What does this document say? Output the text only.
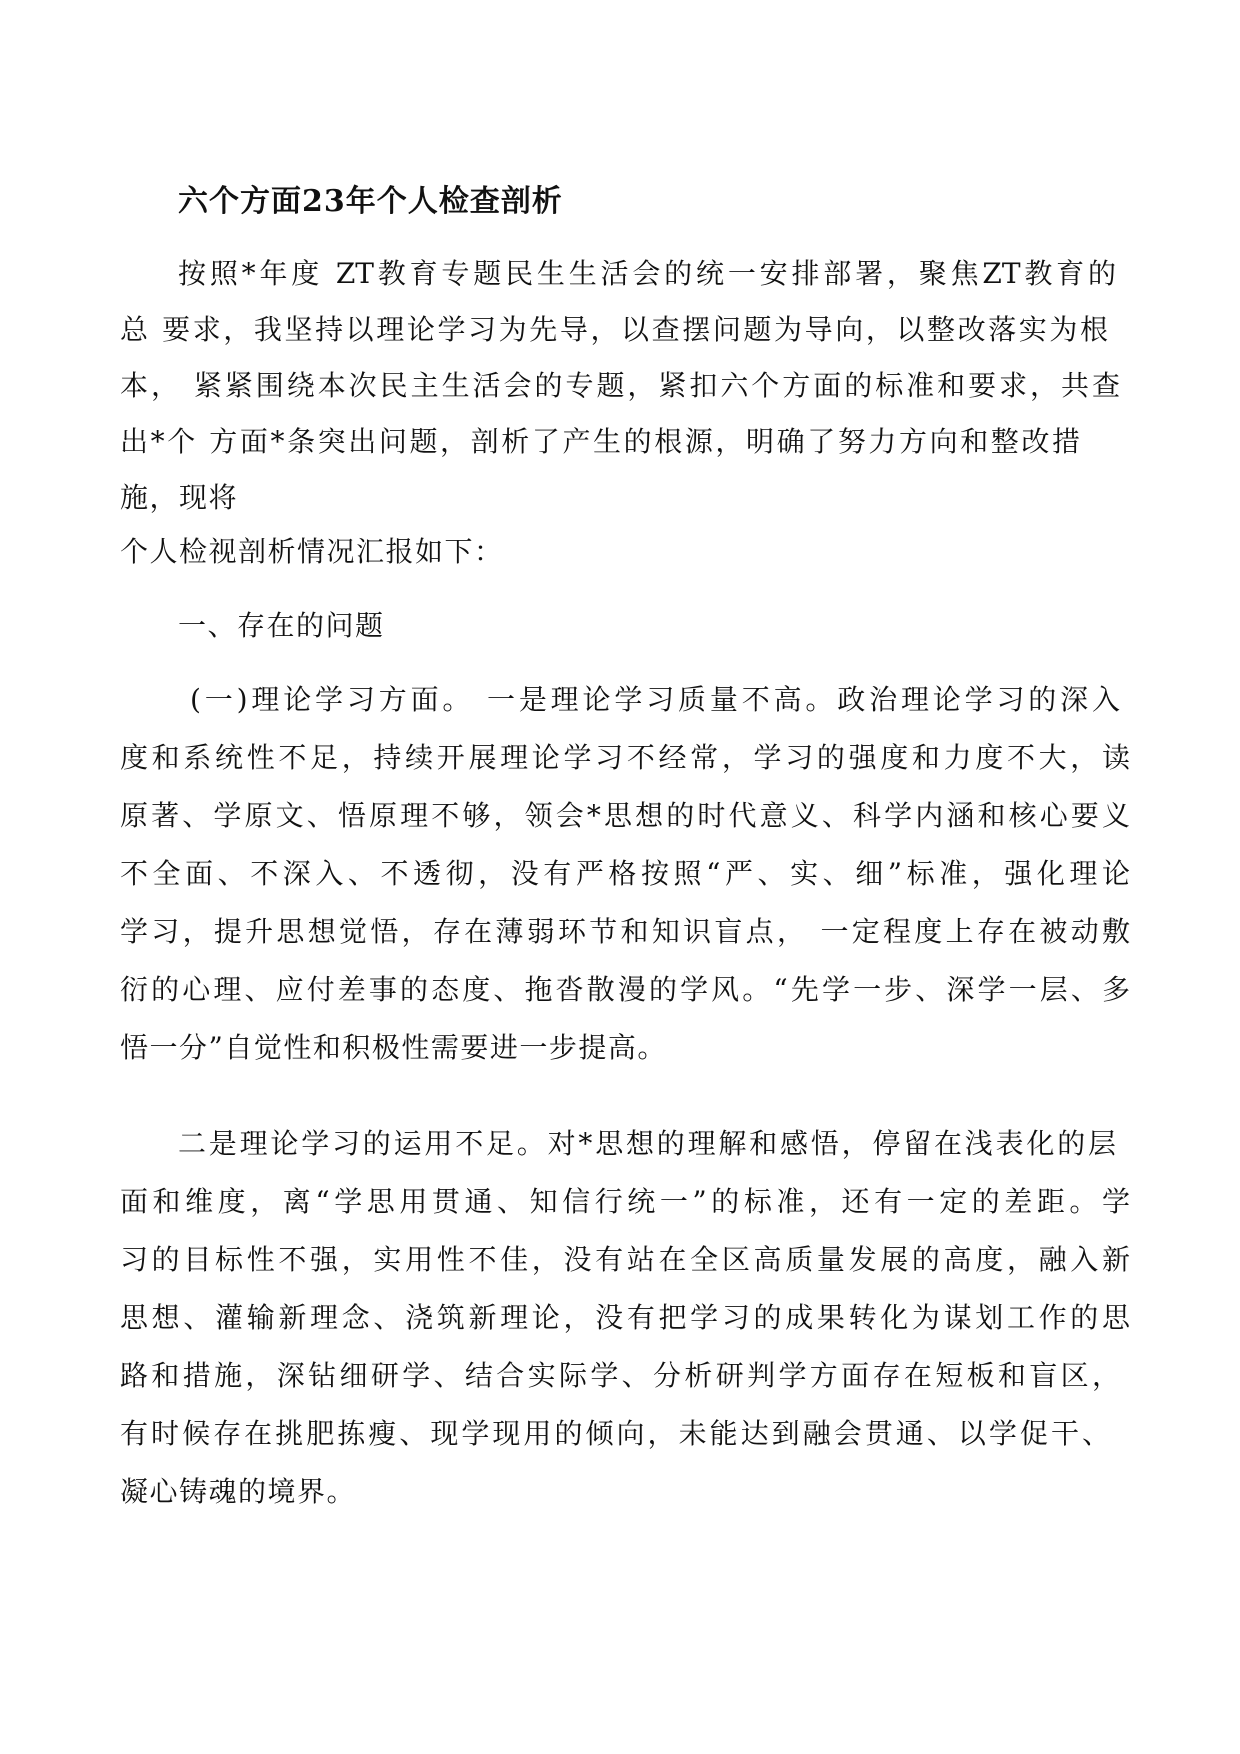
六个方面23年个人检查剖析
按照*年度 ZT教育专题民生生活会的统一安排部署，聚焦ZT教育的
总 要求，我坚持以理论学习为先导，以查摆问题为导向，以整改落实为根
本， 紧紧围绕本次民主生活会的专题，紧扣六个方面的标准和要求，共查
出*个 方面*条突出问题，剖析了产生的根源，明确了努力方向和整改措
施，现将
个人检视剖析情况汇报如下：
一、存在的问题
(一)理论学习方面。 一是理论学习质量不高。政治理论学习的深入
度和系统性不足，持续开展理论学习不经常，学习的强度和力度不大，读
原著、学原文、悟原理不够，领会*思想的时代意义、科学内涵和核心要义
不全面、不深入、不透彻，没有严格按照“严、实、细”标准，强化理论
学习，提升思想觉悟，存在薄弱环节和知识盲点， 一定程度上存在被动敷
衍的心理、应付差事的态度、拖沓散漫的学风。“先学一步、深学一层、多
悟一分”自觉性和积极性需要进一步提高。
二是理论学习的运用不足。对*思想的理解和感悟，停留在浅表化的层
面和维度，离“学思用贯通、知信行统一”的标准，还有一定的差距。学
习的目标性不强，实用性不佳，没有站在全区高质量发展的高度，融入新
思想、灌输新理念、浇筑新理论，没有把学习的成果转化为谋划工作的思
路和措施，深钻细研学、结合实际学、分析研判学方面存在短板和盲区，
有时候存在挑肥拣瘦、现学现用的倾向，未能达到融会贯通、以学促干、
凝心铸魂的境界。
